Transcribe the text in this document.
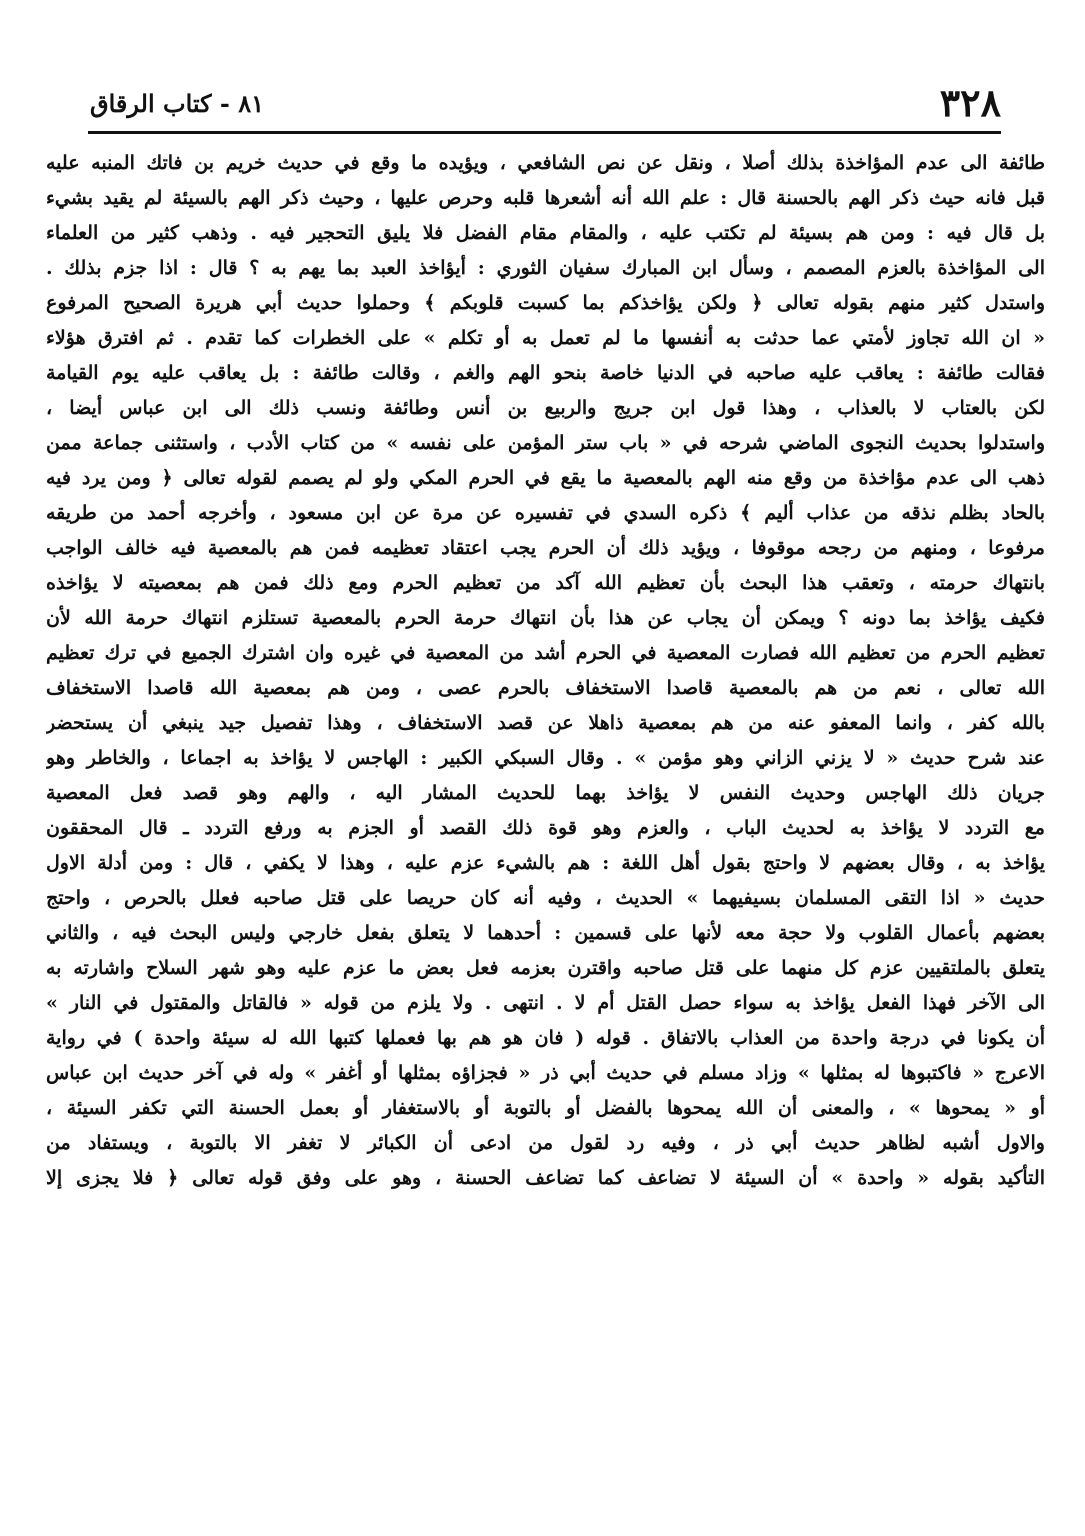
٣٢٨
٨١ - كتاب الرقاق
طائفة الى عدم المؤاخذة بذلك أصلا ، ونقل عن نص الشافعي ، ويؤيده ما وقع في حديث خريم بن فاتك المنبه عليه
قبل فانه حيث ذكر الهم بالحسنة قال : علم الله أنه أشعرها قلبه وحرص عليها ، وحيث ذكر الهم بالسيئة لم يقيد بشيء
بل قال فيه : ومن هم بسيئة لم تكتب عليه ، والمقام مقام الفضل فلا يليق التحجير فيه . وذهب كثير من العلماء
الى المؤاخذة بالعزم المصمم ، وسأل ابن المبارك سفيان الثوري : أيؤاخذ العبد بما يهم به ؟ قال : اذا جزم بذلك .
واستدل كثير منهم بقوله تعالى ﴿ ولكن يؤاخذكم بما كسبت قلوبكم ﴾ وحملوا حديث أبي هريرة الصحيح المرفوع
« ان الله تجاوز لأمتي عما حدثت به أنفسها ما لم تعمل به أو تكلم » على الخطرات كما تقدم . ثم افترق هؤلاء
فقالت طائفة : يعاقب عليه صاحبه في الدنيا خاصة بنحو الهم والغم ، وقالت طائفة : بل يعاقب عليه يوم القيامة
لكن بالعتاب لا بالعذاب ، وهذا قول ابن جريج والربيع بن أنس وطائفة ونسب ذلك الى ابن عباس أيضا ،
واستدلوا بحديث النجوى الماضي شرحه في « باب ستر المؤمن على نفسه » من كتاب الأدب ، واستثنى جماعة ممن
ذهب الى عدم مؤاخذة من وقع منه الهم بالمعصية ما يقع في الحرم المكي ولو لم يصمم لقوله تعالى ﴿ ومن يرد فيه
بالحاد بظلم نذقه من عذاب أليم ﴾ ذكره السدي في تفسيره عن مرة عن ابن مسعود ، وأخرجه أحمد من طريقه
مرفوعا ، ومنهم من رجحه موقوفا ، ويؤيد ذلك أن الحرم يجب اعتقاد تعظيمه فمن هم بالمعصية فيه خالف الواجب
بانتهاك حرمته ، وتعقب هذا البحث بأن تعظيم الله آكد من تعظيم الحرم ومع ذلك فمن هم بمعصيته لا يؤاخذه
فكيف يؤاخذ بما دونه ؟ ويمكن أن يجاب عن هذا بأن انتهاك حرمة الحرم بالمعصية تستلزم انتهاك حرمة الله لأن
تعظيم الحرم من تعظيم الله فصارت المعصية في الحرم أشد من المعصية في غيره وان اشترك الجميع في ترك تعظيم
الله تعالى ، نعم من هم بالمعصية قاصدا الاستخفاف بالحرم عصى ، ومن هم بمعصية الله قاصدا الاستخفاف
بالله كفر ، وانما المعفو عنه من هم بمعصية ذاهلا عن قصد الاستخفاف ، وهذا تفصيل جيد ينبغي أن يستحضر
عند شرح حديث « لا يزني الزاني وهو مؤمن » . وقال السبكي الكبير : الهاجس لا يؤاخذ به اجماعا ، والخاطر وهو
جريان ذلك الهاجس وحديث النفس لا يؤاخذ بهما للحديث المشار اليه ، والهم وهو قصد فعل المعصية
مع التردد لا يؤاخذ به لحديث الباب ، والعزم وهو قوة ذلك القصد أو الجزم به ورفع التردد ـ قال المحققون
يؤاخذ به ، وقال بعضهم لا واحتج بقول أهل اللغة : هم بالشيء عزم عليه ، وهذا لا يكفي ، قال : ومن أدلة الاول
حديث « اذا التقى المسلمان بسيفيهما » الحديث ، وفيه أنه كان حريصا على قتل صاحبه فعلل بالحرص ، واحتج
بعضهم بأعمال القلوب ولا حجة معه لأنها على قسمين : أحدهما لا يتعلق بفعل خارجي وليس البحث فيه ، والثاني
يتعلق بالملتقيين عزم كل منهما على قتل صاحبه واقترن بعزمه فعل بعض ما عزم عليه وهو شهر السلاح واشارته به
الى الآخر فهذا الفعل يؤاخذ به سواء حصل القتل أم لا . انتهى . ولا يلزم من قوله « فالقاتل والمقتول في النار »
أن يكونا في درجة واحدة من العذاب بالاتفاق . قوله ( فان هو هم بها فعملها كتبها الله له سيئة واحدة ) في رواية
الاعرج « فاكتبوها له بمثلها » وزاد مسلم في حديث أبي ذر « فجزاؤه بمثلها أو أغفر » وله في آخر حديث ابن عباس
أو « يمحوها » ، والمعنى أن الله يمحوها بالفضل أو بالتوبة أو بالاستغفار أو بعمل الحسنة التي تكفر السيئة ،
والاول أشبه لظاهر حديث أبي ذر ، وفيه رد لقول من ادعى أن الكبائر لا تغفر الا بالتوبة ، ويستفاد من
التأكيد بقوله « واحدة » أن السيئة لا تضاعف كما تضاعف الحسنة ، وهو على وفق قوله تعالى ﴿ فلا يجزى إلا
